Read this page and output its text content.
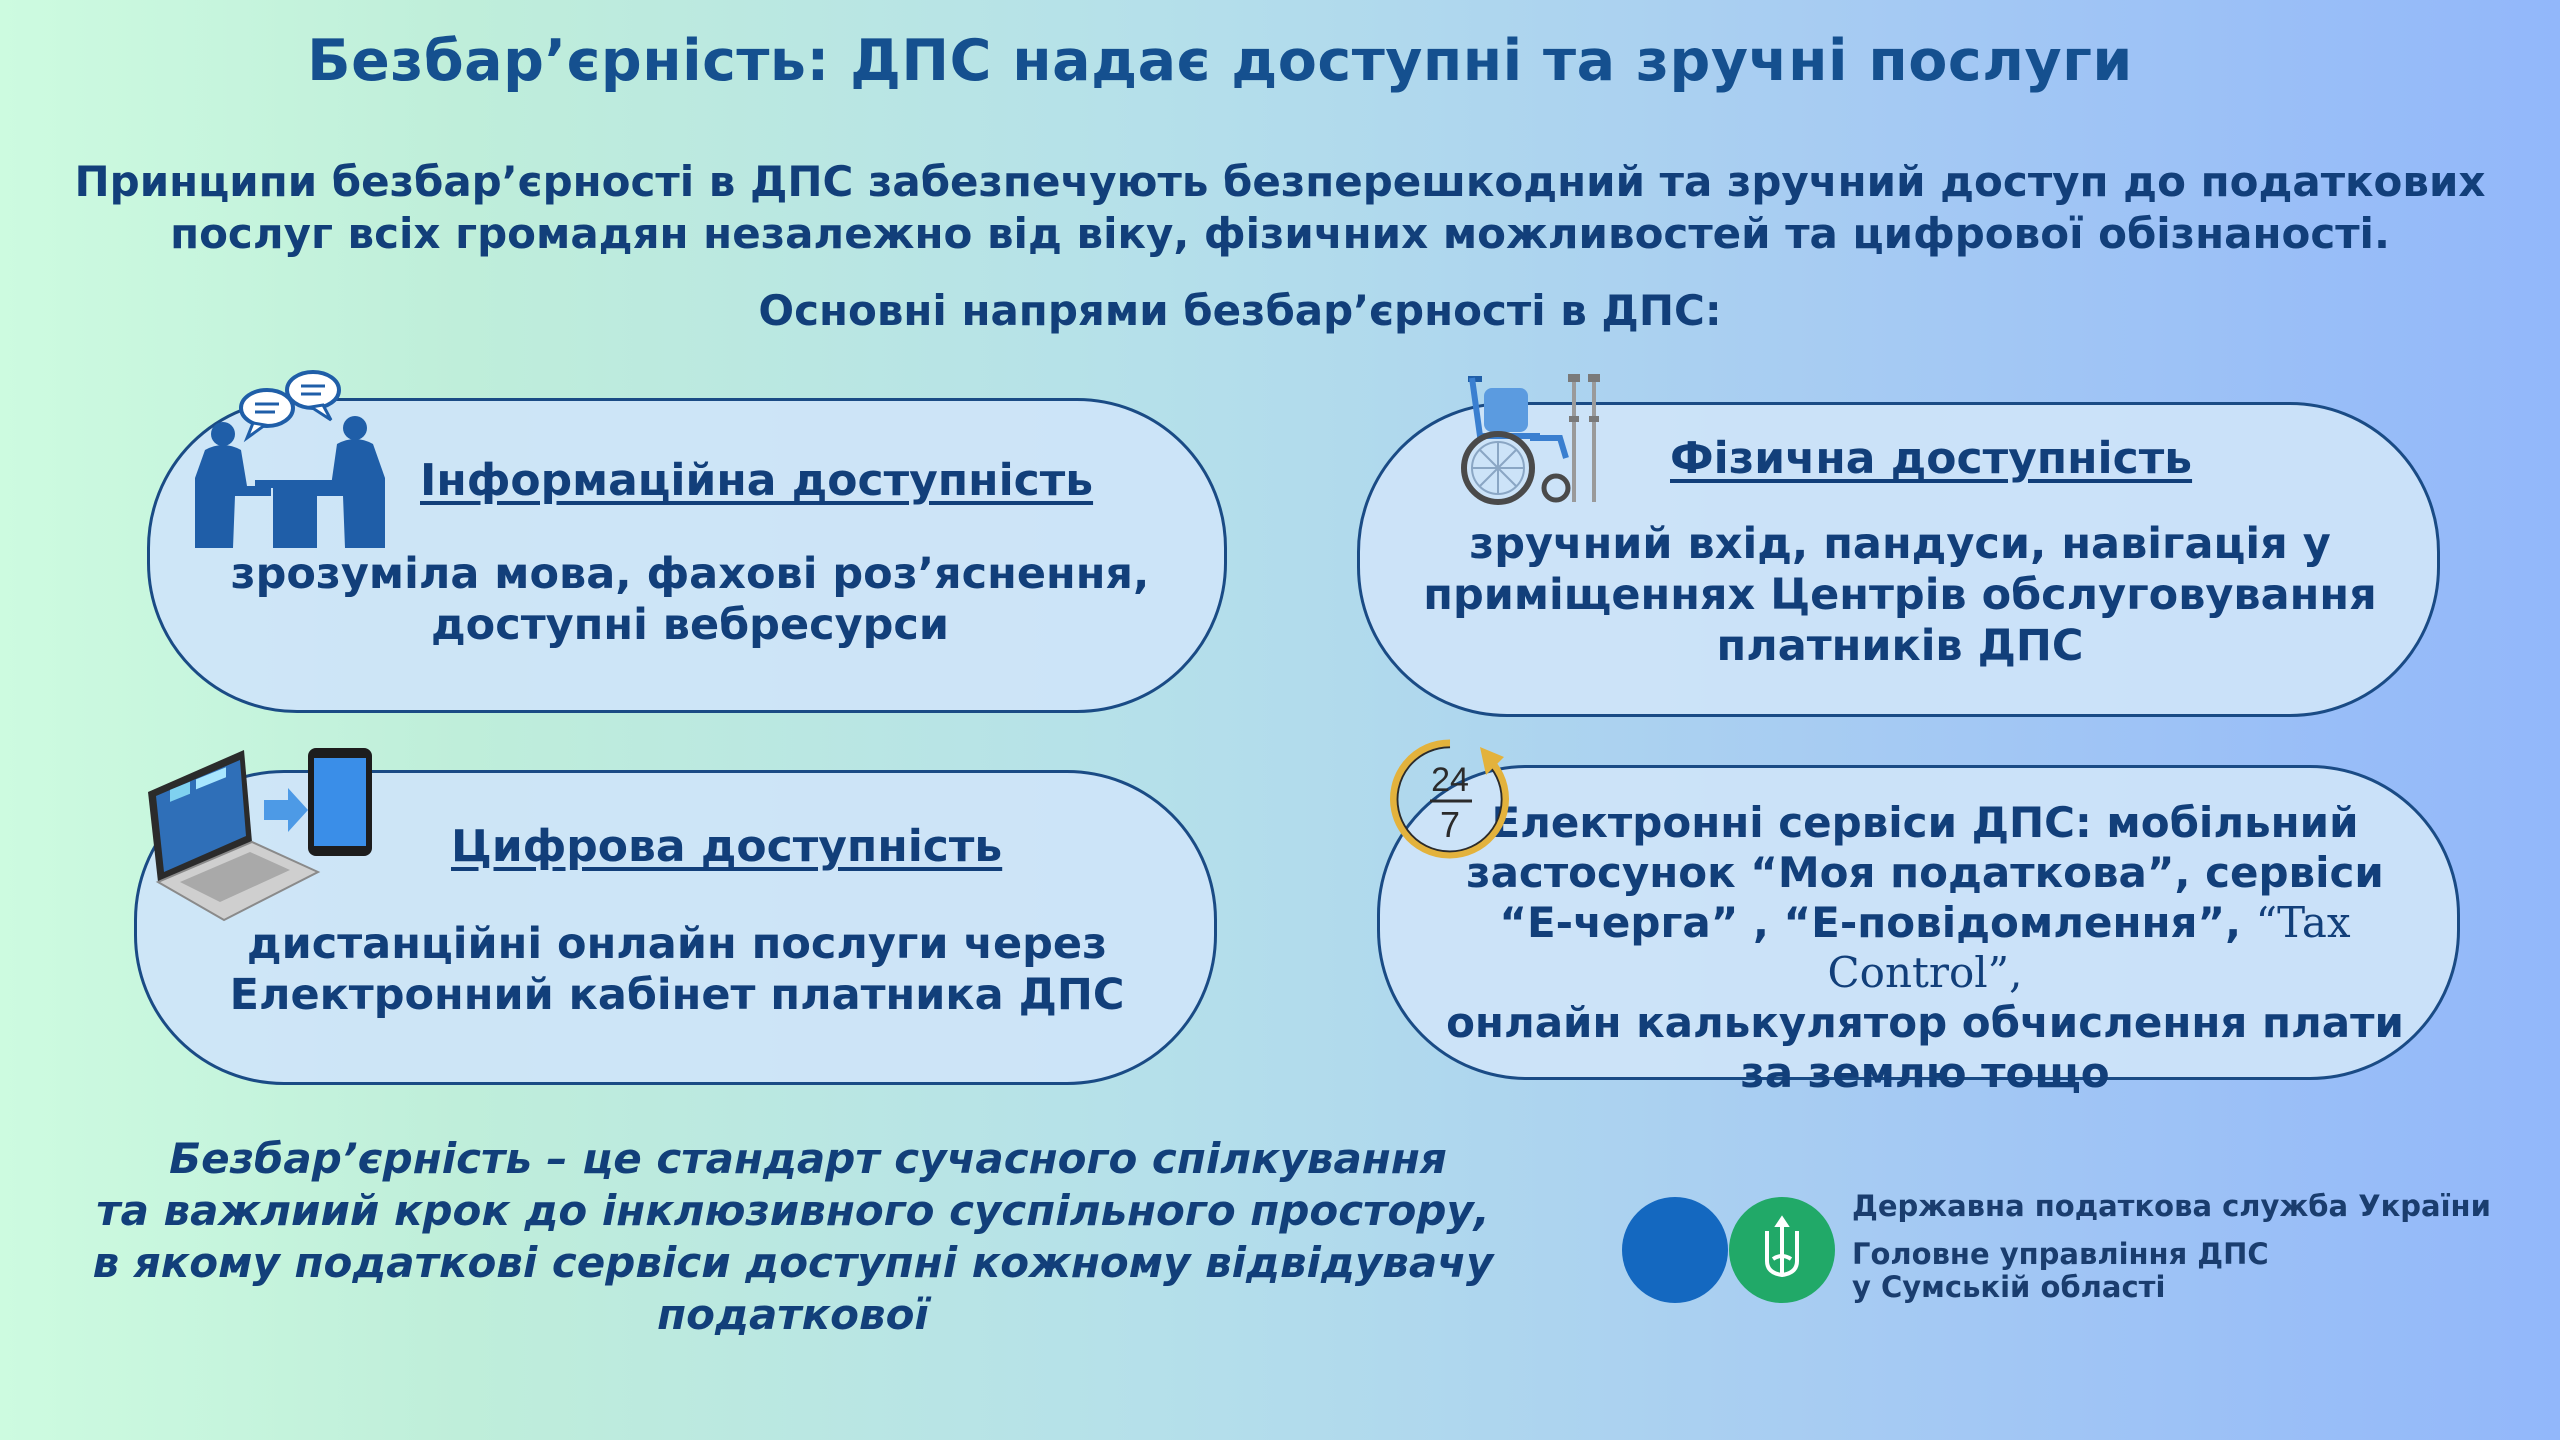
Безбар’єрність: ДПС надає доступні та зручні послуги
Принципи безбар’єрності в ДПС забезпечують безперешкодний та зручний доступ до податкових
послуг всіх громадян незалежно від віку, фізичних можливостей та цифрової обізнаності.
Основні напрями безбар’єрності в ДПС:
Інформаційна доступність
зрозуміла мова, фахові роз’яснення,
доступні вебресурси
Фізична доступність
зручний вхід, пандуси, навігація у
приміщеннях Центрів обслуговування
платників ДПС
Цифрова доступність
дистанційні онлайн послуги через
Електронний кабінет платника ДПС
Електронні сервіси ДПС: мобільний
застосунок “Моя податкова”, сервіси
“Е-черга” , “Е-повідомлення”, “Tax Control”,
онлайн калькулятор обчислення плати
за землю тощо
24
7
Безбар’єрність – це стандарт сучасного спілкування
та важлиий крок до інклюзивного суспільного простору,
в якому податкові сервіси доступні кожному відвідувачу
податкової
Державна податкова служба України
Головне управління ДПС
у Сумській області
